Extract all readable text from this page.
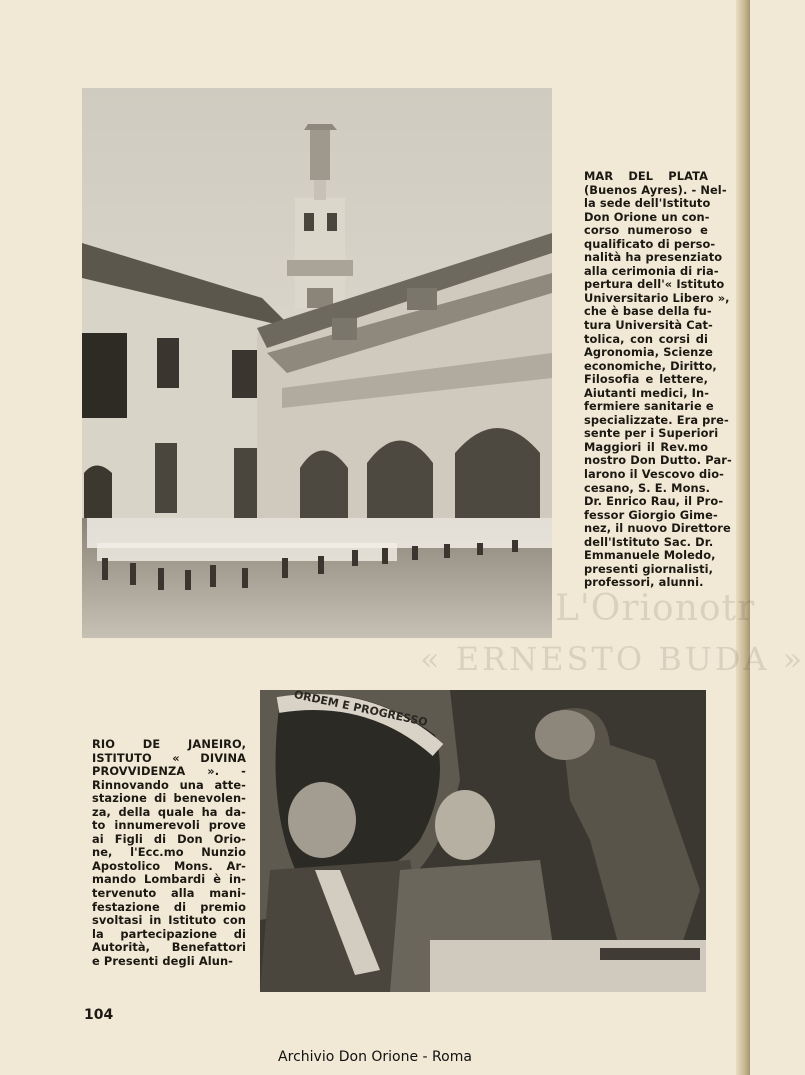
L'Orionotr
« ERNESTO BUDA »
MAR DEL PLATA
(Buenos Ayres). - Nel-
la sede dell'Istituto
Don Orione un con-
corso numeroso e
qualificato di perso-
nalità ha presenziato
alla cerimonia di ria-
pertura dell'« Istituto
Universitario Libero »,
che è base della fu-
tura Università Cat-
tolica, con corsi di
Agronomia, Scienze
economiche, Diritto,
Filosofia e lettere,
Aiutanti medici, In-
fermiere sanitarie e
specializzate. Era pre-
sente per i Superiori
Maggiori il Rev.mo
nostro Don Dutto. Par-
larono il Vescovo dio-
cesano, S. E. Mons.
Dr. Enrico Rau, il Pro-
fessor Giorgio Gime-
nez, il nuovo Direttore
dell'Istituto Sac. Dr.
Emmanuele Moledo,
presenti giornalisti,
professori, alunni.
ORDEM E PROGRESSO
RIO DE JANEIRO,
ISTITUTO « DIVINA
PROVVIDENZA ». -
Rinnovando una atte-
stazione di benevolen-
za, della quale ha da-
to innumerevoli prove
ai Figli di Don Orio-
ne, l'Ecc.mo Nunzio
Apostolico Mons. Ar-
mando Lombardi è in-
tervenuto alla mani-
festazione di premio
svoltasi in Istituto con
la partecipazione di
Autorità, Benefattori
e Presenti degli Alun-
104
Archivio Don Orione - Roma
